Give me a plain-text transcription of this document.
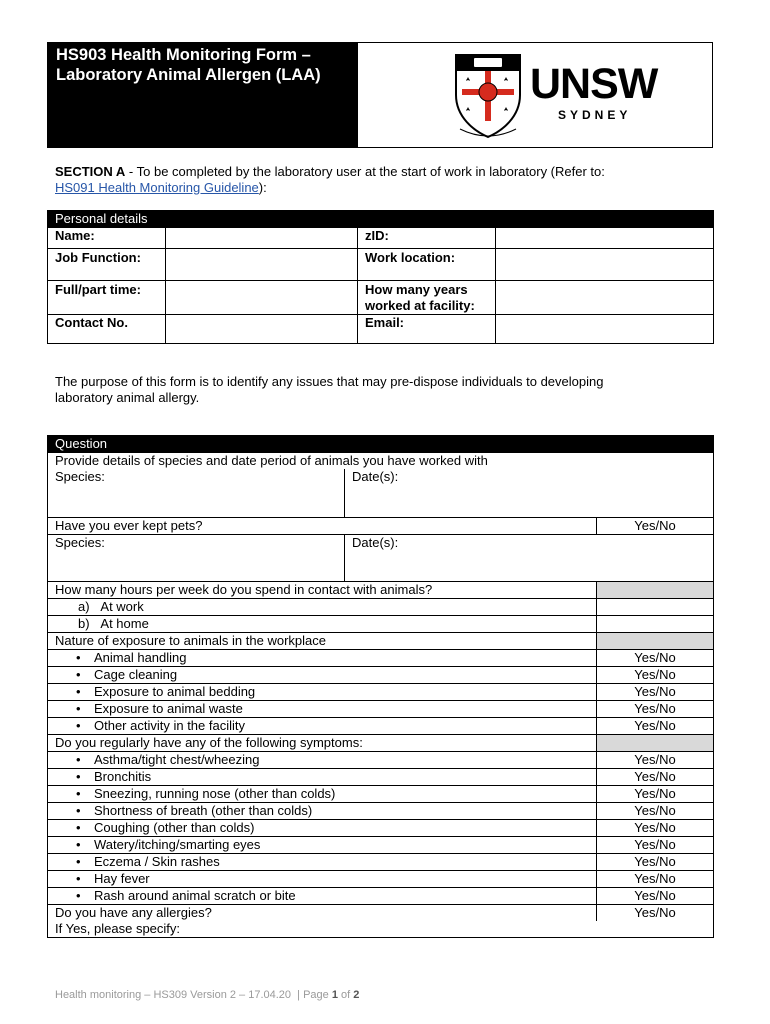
HS903 Health Monitoring Form –
Laboratory Animal Allergen (LAA)	UNSW
SYDNEY
SECTION A - To be completed by the laboratory user at the start of work in laboratory (Refer to:
HS091 Health Monitoring Guideline):
Personal details			
Name:		zID:	
Job Function:		Work location:	
Full/part time:		How many years
worked at facility:	

Contact No.		Email:	
The purpose of this form is to identify any issues that may pre-dispose individuals to developing
laboratory animal allergy.
Question		
Provide details of species and date period of animals you have worked with		
Species:	Date(s):	
Have you ever kept pets?		Yes/No
Species:	Date(s):	
How many hours per week do you spend in contact with animals?		
a)   At work		
b)   At home		
Nature of exposure to animals in the workplace		
• Animal handling		Yes/No
• Cage cleaning		Yes/No
• Exposure to animal bedding		Yes/No
• Exposure to animal waste		Yes/No
• Other activity in the facility		Yes/No
Do you regularly have any of the following symptoms:		
• Asthma/tight chest/wheezing		Yes/No
• Bronchitis		Yes/No
• Sneezing, running nose (other than colds)		Yes/No
• Shortness of breath (other than colds)		Yes/No
• Coughing (other than colds)		Yes/No
• Watery/itching/smarting eyes		Yes/No
• Eczema / Skin rashes		Yes/No
• Hay fever		Yes/No
• Rash around animal scratch or bite		Yes/No
Do you have any allergies?		Yes/No
If Yes, please specify:		
Health monitoring – HS309 Version 2 – 17.04.20 | Page 1 of 2
